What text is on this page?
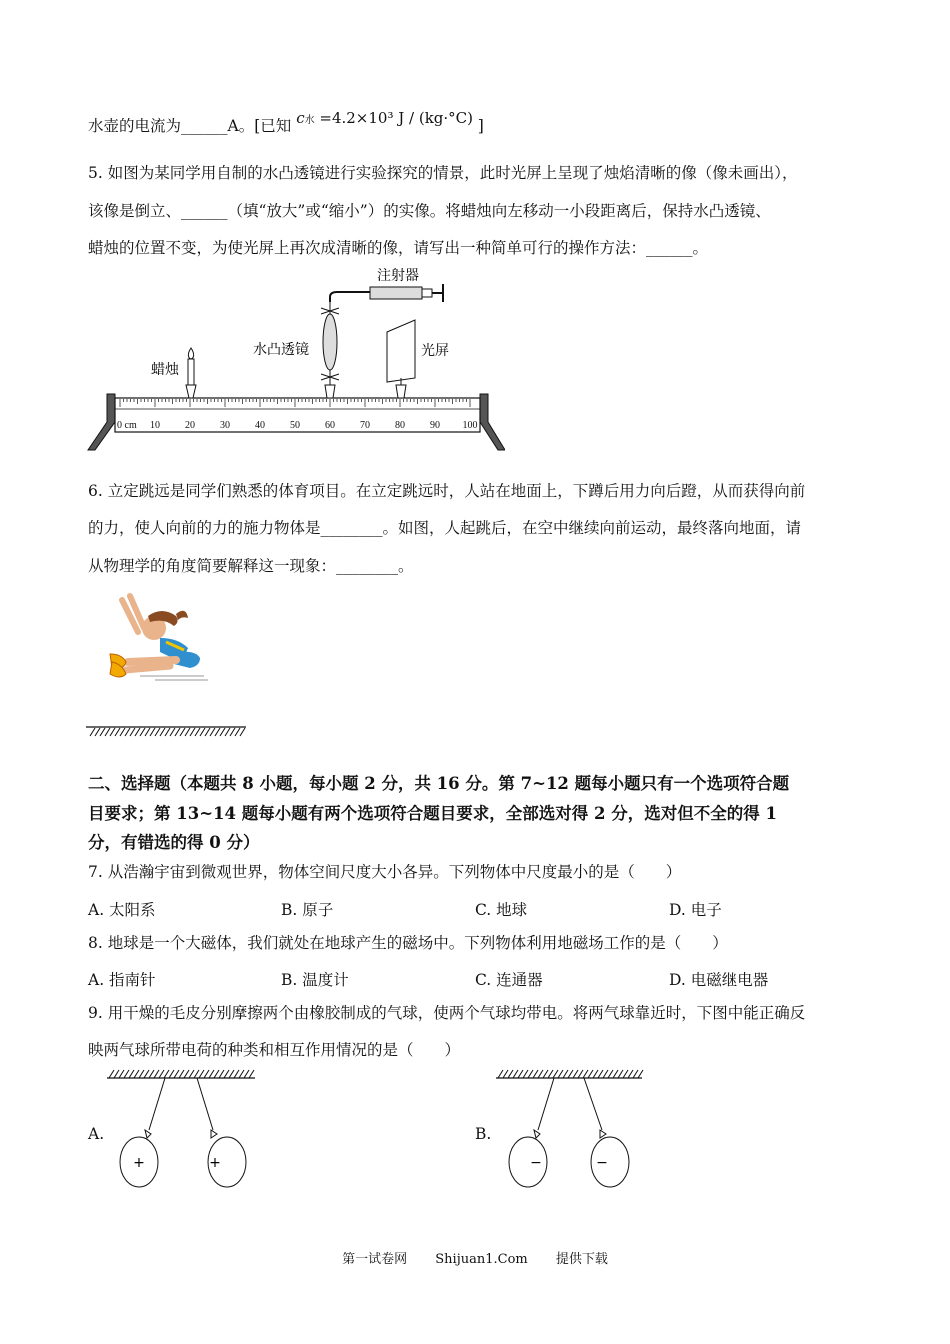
水壶的电流为______A。[已知 c水 =4.2×10³ J / (kg·°C) ]
5. 如图为某同学用自制的水凸透镜进行实验探究的情景，此时光屏上呈现了烛焰清晰的像（像未画出），
该像是倒立、______（填“放大”或“缩小”）的实像。将蜡烛向左移动一小段距离后，保持水凸透镜、
蜡烛的位置不变，为使光屏上再次成清晰的像，请写出一种简单可行的操作方法：______。
0 cm 10	20	30	40	50	60	70	80	90 100
注射器
水凸透镜	光屏
蜡烛
6. 立定跳远是同学们熟悉的体育项目。在立定跳远时，人站在地面上，下蹲后用力向后蹬，从而获得向前
的力，使人向前的力的施力物体是________。如图，人起跳后，在空中继续向前运动，最终落向地面，请
从物理学的角度简要解释这一现象：________。
二、选择题（本题共 8 小题，每小题 2 分，共 16 分。第 7~12 题每小题只有一个选项符合题
目要求；第 13~14 题每小题有两个选项符合题目要求，全部选对得 2 分，选对但不全的得 1
分，有错选的得 0 分）
7. 从浩瀚宇宙到微观世界，物体空间尺度大小各异。下列物体中尺度最小的是（　　）
A. 太阳系	B. 原子	C. 地球	D. 电子
8. 地球是一个大磁体，我们就处在地球产生的磁场中。下列物体利用地磁场工作的是（　　）
A. 指南针	B. 温度计	C. 连通器	D. 电磁继电器
9. 用干燥的毛皮分别摩擦两个由橡胶制成的气球，使两个气球均带电。将两气球靠近时，下图中能正确反
映两气球所带电荷的种类和相互作用情况的是（　　）
A.
+	+
B.
−	−
第一试卷网 Shijuan1.Com 提供下载
